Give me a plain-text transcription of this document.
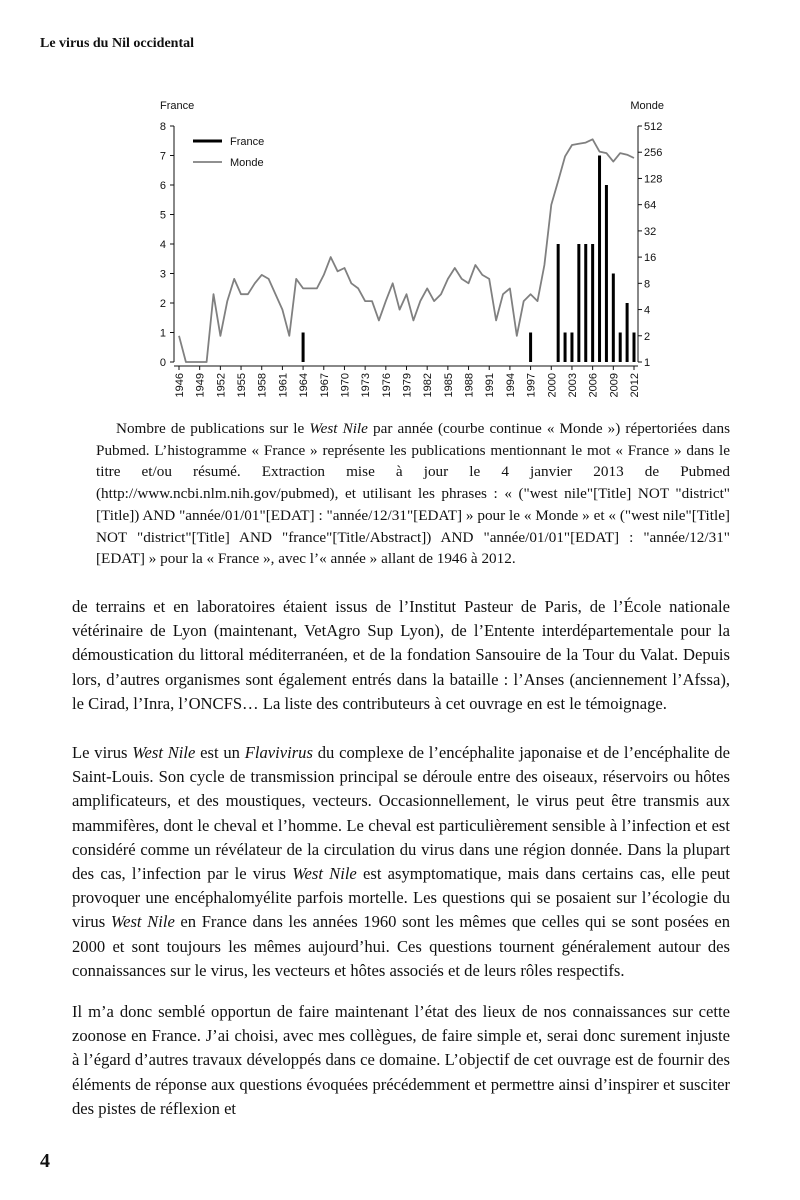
Le virus du Nil occidental
France	Monde
0
1
2
3
4
5
6
7
8
1
2
4
8
16
32
64
128
256
512
1946 1949 1952 1955 1958 1961 1964 1967 1970 1973 1976 1979 1982 1985 1988 1991 1994 1997 2000 2003 2006 2009 2012
France
Monde
Nombre de publications sur le West Nile par année (courbe continue « Monde ») répertoriées dans Pubmed. L’histogramme « France » représente les publications mentionnant le mot « France » dans le titre et/ou résumé. Extraction mise à jour le 4 janvier 2013 de Pubmed (http://www.ncbi.nlm.nih.gov/pubmed), et utilisant les phrases : « ("west nile"[Title] NOT "district"[Title]) AND "année/01/01"[EDAT] : "année/12/31"[EDAT] » pour le « Monde » et « ("west nile"[Title] NOT "district"[Title] AND "france"[Title/Abstract]) AND "année/01/01"[EDAT] : "année/12/31"[EDAT] » pour la « France », avec l’« année » allant de 1946 à 2012.

de terrains et en laboratoires étaient issus de l’Institut Pasteur de Paris, de l’École nationale vétérinaire de Lyon (maintenant, VetAgro Sup Lyon), de l’Entente interdépartementale pour la démoustication du littoral méditerranéen, et de la fondation Sansouire de la Tour du Valat. Depuis lors, d’autres organismes sont également entrés dans la bataille : l’Anses (anciennement l’Afssa), le Cirad, l’Inra, l’ONCFS… La liste des contributeurs à cet ouvrage en est le témoignage.

Le virus West Nile est un Flavivirus du complexe de l’encéphalite japonaise et de l’encéphalite de Saint-Louis. Son cycle de transmission principal se déroule entre des oiseaux, réservoirs ou hôtes amplificateurs, et des moustiques, vecteurs. Occasionnellement, le virus peut être transmis aux mammifères, dont le cheval et l’homme. Le cheval est particulièrement sensible à l’infection et est considéré comme un révélateur de la circulation du virus dans une région donnée. Dans la plupart des cas, l’infection par le virus West Nile est asymptomatique, mais dans certains cas, elle peut provoquer une encéphalomyélite parfois mortelle. Les questions qui se posaient sur l’écologie du virus West Nile en France dans les années 1960 sont les mêmes que celles qui se sont posées en 2000 et sont toujours les mêmes aujourd’hui. Ces questions tournent généralement autour des connaissances sur le virus, les vecteurs et hôtes associés et de leurs rôles respectifs.

Il m’a donc semblé opportun de faire maintenant l’état des lieux de nos connaissances sur cette zoonose en France. J’ai choisi, avec mes collègues, de faire simple et, serai donc surement injuste à l’égard d’autres travaux développés dans ce domaine. L’objectif de cet ouvrage est de fournir des éléments de réponse aux questions évoquées précédemment et permettre ainsi d’inspirer et susciter des pistes de réflexion et

4
